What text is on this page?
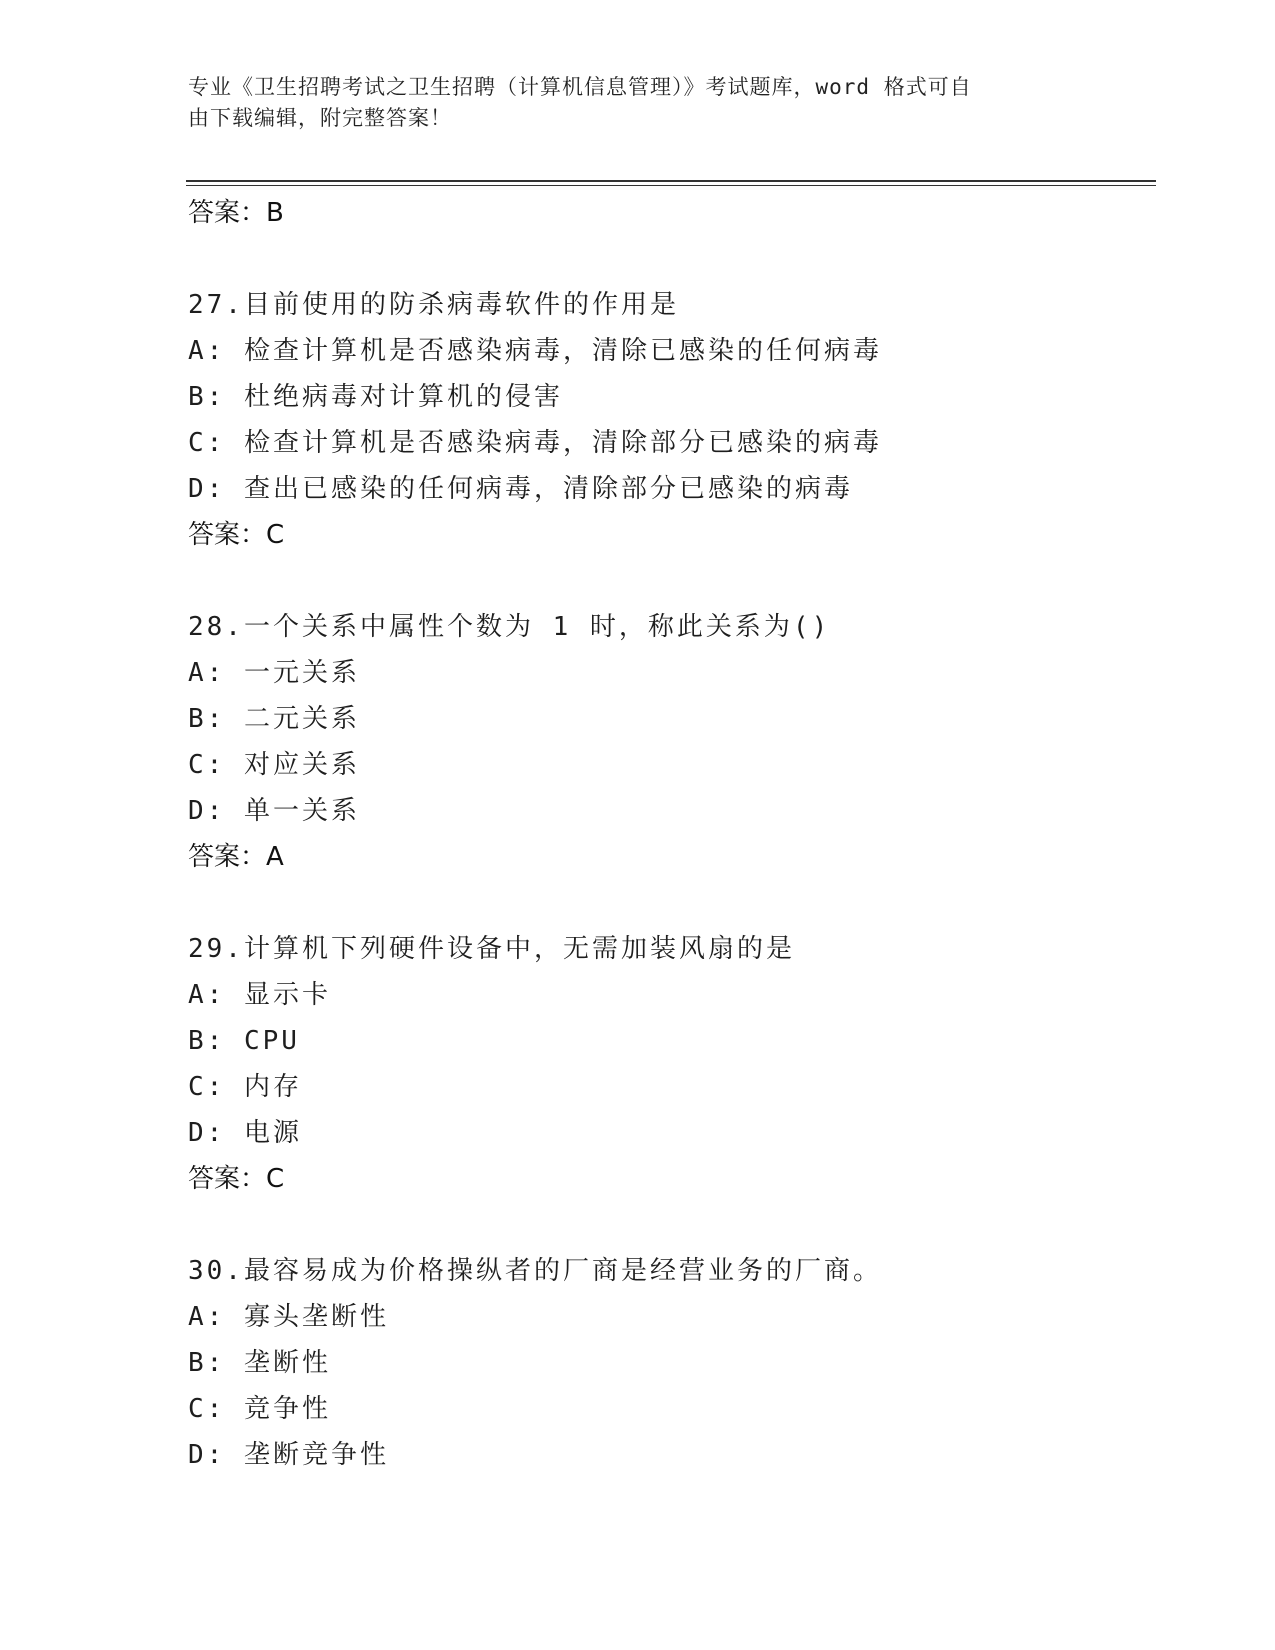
专业《卫生招聘考试之卫生招聘（计算机信息管理）》考试题库，word 格式可自
由下载编辑，附完整答案！
答案：B
27.目前使用的防杀病毒软件的作用是
A: 检查计算机是否感染病毒，清除已感染的任何病毒
B: 杜绝病毒对计算机的侵害
C: 检查计算机是否感染病毒，清除部分已感染的病毒
D: 查出已感染的任何病毒，清除部分已感染的病毒
答案：C
28.一个关系中属性个数为 1 时，称此关系为()
A: 一元关系
B: 二元关系
C: 对应关系
D: 单一关系
答案：A
29.计算机下列硬件设备中，无需加装风扇的是
A: 显示卡
B: CPU
C: 内存
D: 电源
答案：C
30.最容易成为价格操纵者的厂商是经营业务的厂商。
A: 寡头垄断性
B: 垄断性
C: 竞争性
D: 垄断竞争性
